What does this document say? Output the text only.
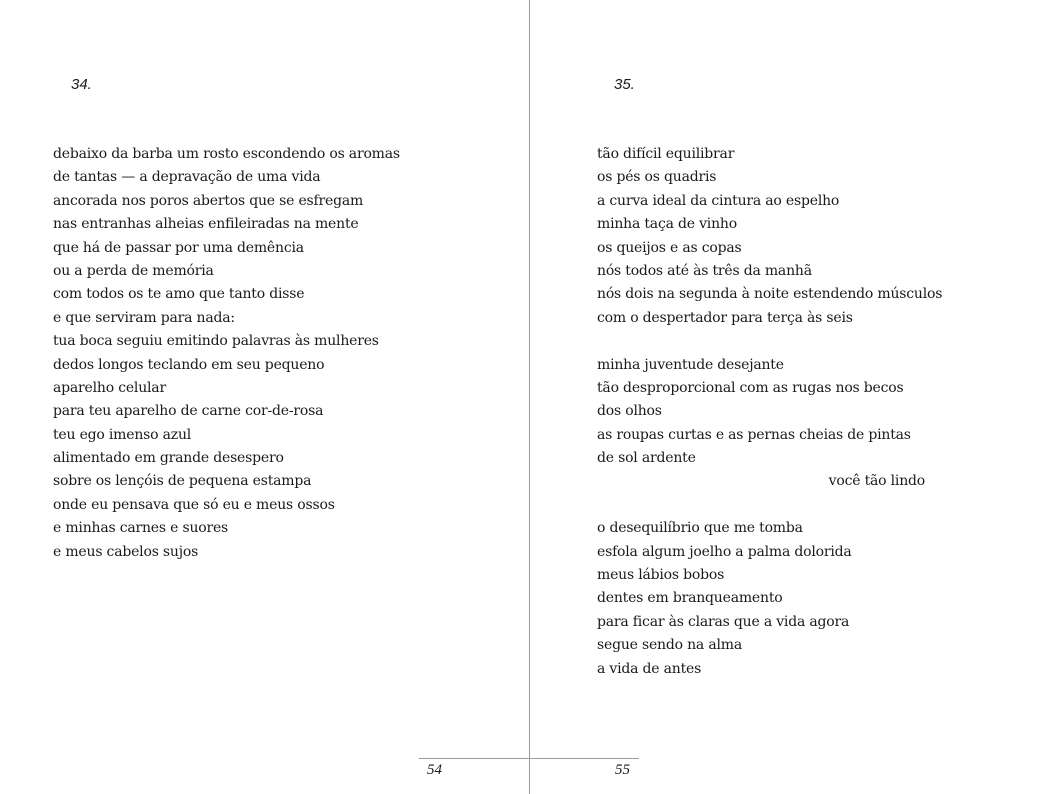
34.
debaixo da barba um rosto escondendo os aromas
de tantas — a depravação de uma vida
ancorada nos poros abertos que se esfregam
nas entranhas alheias enfileiradas na mente
que há de passar por uma demência
ou a perda de memória
com todos os te amo que tanto disse
e que serviram para nada:
tua boca seguiu emitindo palavras às mulheres
dedos longos teclando em seu pequeno
aparelho celular
para teu aparelho de carne cor-de-rosa
teu ego imenso azul
alimentado em grande desespero
sobre os lençóis de pequena estampa
onde eu pensava que só eu e meus ossos
e minhas carnes e suores
e meus cabelos sujos
54
35.
tão difícil equilibrar
os pés os quadris
a curva ideal da cintura ao espelho
minha taça de vinho
os queijos e as copas
nós todos até às três da manhã
nós dois na segunda à noite estendendo músculos
com o despertador para terça às seis
minha juventude desejante
tão desproporcional com as rugas nos becos
dos olhos
as roupas curtas e as pernas cheias de pintas
de sol ardente
você tão lindo
o desequilíbrio que me tomba
esfola algum joelho a palma dolorida
meus lábios bobos
dentes em branqueamento
para ficar às claras que a vida agora
segue sendo na alma
a vida de antes
55
